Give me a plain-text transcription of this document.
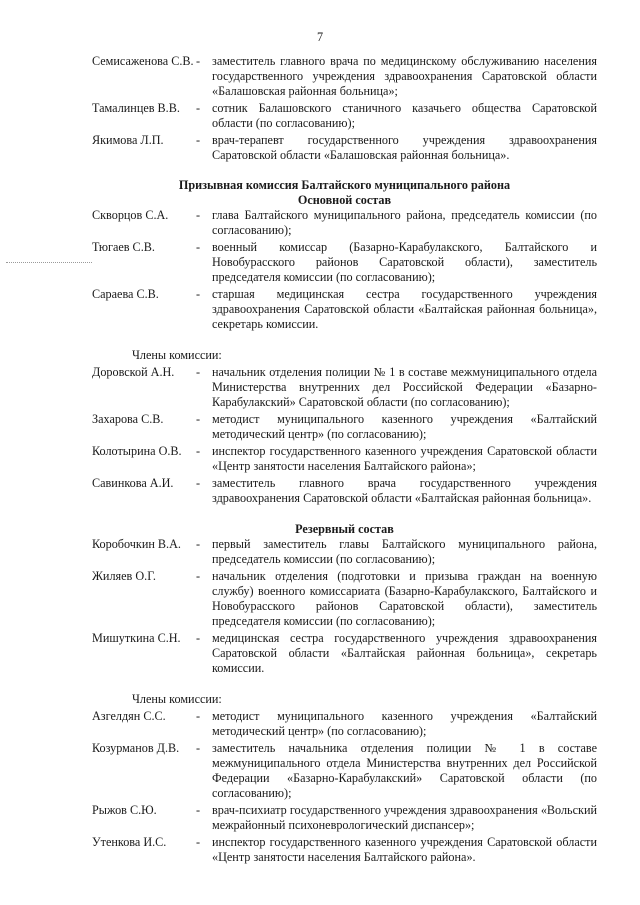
7
Семисаженова С.В. - заместитель главного врача по медицинскому обслуживанию населения государственного учреждения здравоохранения Саратовской области «Балашовская районная больница»;
Тамалинцев В.В.	- сотник Балашовского станичного казачьего общества Саратовской области (по согласованию);
Якимова Л.П.	- врач-терапевт государственного учреждения здравоохранения Саратовской области «Балашовская районная больница».
Призывная комиссия Балтайского муниципального района
Основной состав
Скворцов С.А.	- глава Балтайского муниципального района, председатель комиссии (по согласованию);
Тюгаев С.В.	- военный комиссар (Базарно-Карабулакского, Балтайского и Новобурасского районов Саратовской области), заместитель председателя комиссии (по согласованию);
Сараева С.В.	- старшая медицинская сестра государственного учреждения здравоохранения Саратовской области «Балтайская районная больница», секретарь комиссии.
Члены комиссии:
Доровской А.Н.	- начальник отделения полиции № 1 в составе межмуниципального отдела Министерства внутренних дел Российской Федерации «Базарно-Карабулакский» Саратовской области (по согласованию);
Захарова С.В.	- методист муниципального казенного учреждения «Балтайский методический центр» (по согласованию);
Колотырина О.В.	- инспектор государственного казенного учреждения Саратовской области «Центр занятости населения Балтайского района»;
Савинкова А.И.	- заместитель главного врача государственного учреждения здравоохранения Саратовской области «Балтайская районная больница».
Резервный состав
Коробочкин В.А.	- первый заместитель главы Балтайского муниципального района, председатель комиссии (по согласованию);
Жиляев О.Г.	- начальник отделения (подготовки и призыва граждан на военную службу) военного комиссариата (Базарно-Карабулакского, Балтайского и Новобурасского районов Саратовской области), заместитель председателя комиссии (по согласованию);
Мишуткина С.Н.	- медицинская сестра государственного учреждения здравоохранения Саратовской области «Балтайская районная больница», секретарь комиссии.
Члены комиссии:
Азгелдян С.С.	- методист муниципального казенного учреждения «Балтайский методический центр» (по согласованию);
Козурманов Д.В.	- заместитель начальника отделения полиции № 1 в составе межмуниципального отдела Министерства внутренних дел Российской Федерации «Базарно-Карабулакский» Саратовской области (по согласованию);
Рыжов С.Ю.	- врач-психиатр государственного учреждения здравоохранения «Вольский межрайонный психоневрологический диспансер»;
Утенкова И.С.	- инспектор государственного казенного учреждения Саратовской области «Центр занятости населения Балтайского района».
